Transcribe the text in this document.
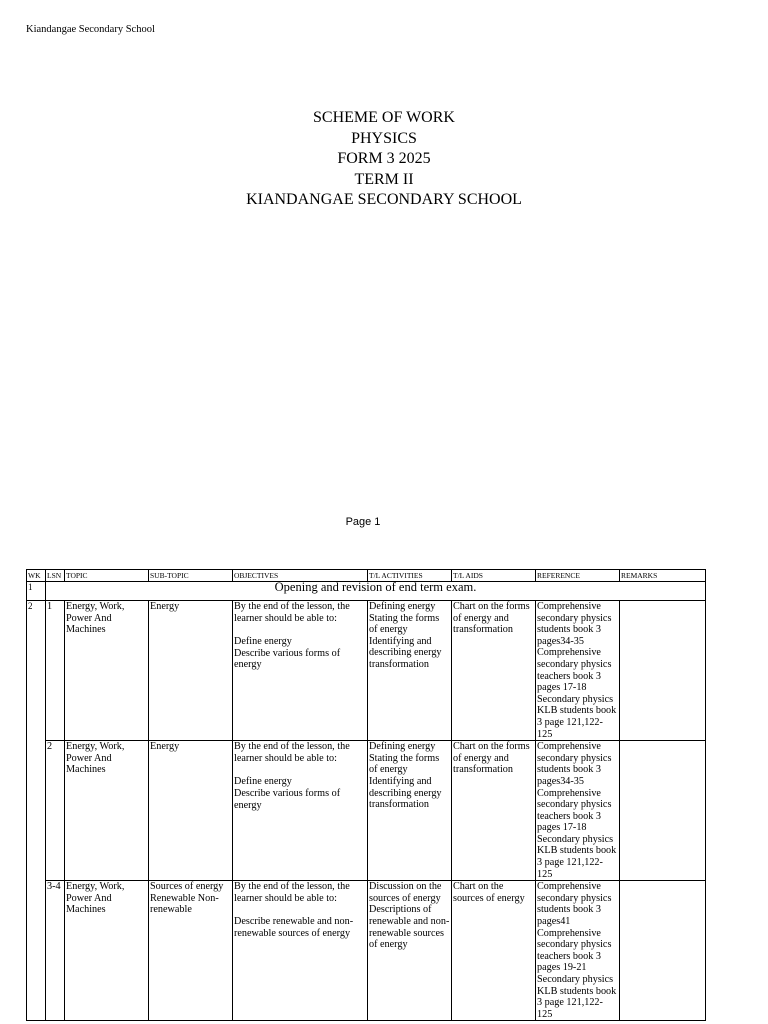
Kiandangae Secondary School
SCHEME OF WORK
PHYSICS
FORM 3 2025
TERM II
KIANDANGAE SECONDARY SCHOOL
Page 1
WK	LSN	TOPIC	SUB-TOPIC	OBJECTIVES	T/L ACTIVITIES	T/L AIDS	REFERENCE	REMARKS
1	Opening and revision of end term exam.							
2	1	Energy, Work, Power And Machines	Energy	By the end of the lesson, the learner should be able to:
Define energy
Describe various forms of energy	Defining energy
Stating the forms of energy
Identifying and describing energy transformation	Chart on the forms of energy and transformation	Comprehensive secondary physics students book 3 pages34-35
Comprehensive secondary physics teachers book 3 pages 17-18
Secondary physics KLB students book 3 page 121,122-125	

	2	Energy, Work, Power And Machines	Energy	By the end of the lesson, the learner should be able to:
Define energy
Describe various forms of energy	Defining energy
Stating the forms of energy
Identifying and describing energy transformation	Chart on the forms of energy and transformation	Comprehensive secondary physics students book 3 pages34-35
Comprehensive secondary physics teachers book 3 pages 17-18
Secondary physics KLB students book 3 page 121,122-125	

	3-4	Energy, Work, Power And Machines	Sources of energy
Renewable Non-renewable	By the end of the lesson, the learner should be able to:
Describe renewable and non-renewable sources of energy	Discussion on the sources of energy
Descriptions of renewable and non-renewable sources of energy	Chart on the sources of energy	Comprehensive secondary physics students book 3 pages41
Comprehensive secondary physics teachers book 3 pages 19-21
Secondary physics KLB students book 3 page 121,122-125	
